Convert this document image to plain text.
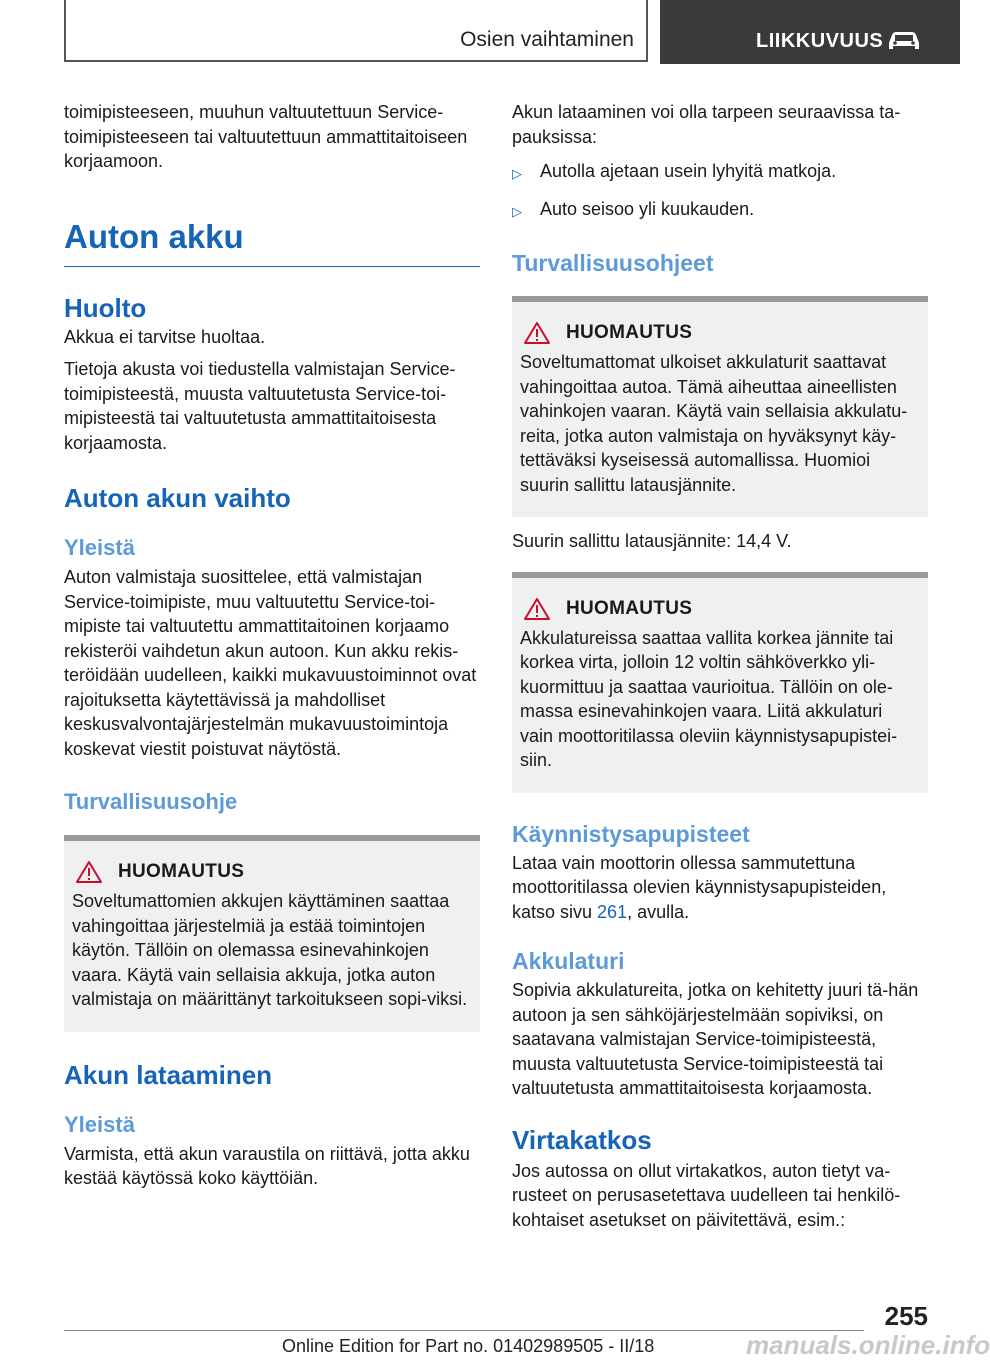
Osien vaihtaminen	LIIKKUVUUS

toimipisteeseen, muuhun valtuutettuun Service-toimipisteeseen tai valtuutettuun ammattitaitoiseen korjaamoon.

Auton akku
Huolto

Akkua ei tarvitse huoltaa.

Tietoja akusta voi tiedustella valmistajan Service-toimipisteestä, muusta valtuutetusta Service-toi-mipisteestä tai valtuutetusta ammattitaitoisesta korjaamosta.

Auton akun vaihto
Yleistä

Auton valmistaja suosittelee, että valmistajan Service-toimipiste, muu valtuutettu Service-toi-mipiste tai valtuutettu ammattitaitoinen korjaamo rekisteröi vaihdetun akun autoon. Kun akku rekis-teröidään uudelleen, kaikki mukavuustoiminnot ovat rajoituksetta käytettävissä ja mahdolliset keskusvalvontajärjestelmän mukavuustoimintoja koskevat viestit poistuvat näytöstä.

Turvallisuusohje
HUOMAUTUS

Soveltumattomien akkujen käyttäminen saattaa vahingoittaa järjestelmiä ja estää toimintojen käytön. Tällöin on olemassa esinevahinkojen vaara. Käytä vain sellaisia akkuja, jotka auton valmistaja on määrittänyt tarkoitukseen sopi-viksi.

Akun lataaminen
Yleistä

Varmista, että akun varaustila on riittävä, jotta akku kestää käytössä koko käyttöiän.

Akun lataaminen voi olla tarpeen seuraavissa ta-pauksissa:

▷	Autolla ajetaan usein lyhyitä matkoja.
▷	Auto seisoo yli kuukauden.
Turvallisuusohjeet
HUOMAUTUS

Soveltumattomat ulkoiset akkulaturit saattavat vahingoittaa autoa. Tämä aiheuttaa aineellisten vahinkojen vaaran. Käytä vain sellaisia akkulatu-reita, jotka auton valmistaja on hyväksynyt käy-tettäväksi kyseisessä automallissa. Huomioi suurin sallittu latausjännite.

Suurin sallittu latausjännite: 14,4 V.

HUOMAUTUS

Akkulatureissa saattaa vallita korkea jännite tai korkea virta, jolloin 12 voltin sähköverkko yli-kuormittuu ja saattaa vaurioitua. Tällöin on ole-massa esinevahinkojen vaara. Liitä akkulaturi vain moottoritilassa oleviin käynnistysapupistei-siin.

Käynnistysapupisteet

Lataa vain moottorin ollessa sammutettuna moottoritilassa olevien käynnistysapupisteiden, katso sivu 261, avulla.

Akkulaturi

Sopivia akkulatureita, jotka on kehitetty juuri tä-hän autoon ja sen sähköjärjestelmään sopiviksi, on saatavana valmistajan Service-toimipisteestä, muusta valtuutetusta Service-toimipisteestä tai valtuutetusta ammattitaitoisesta korjaamosta.

Virtakatkos

Jos autossa on ollut virtakatkos, auton tietyt va-rusteet on perusasetettava uudelleen tai henkilö-kohtaiset asetukset on päivitettävä, esim.:

255
Online Edition for Part no. 01402989505 - II/18	manuals.online.info
